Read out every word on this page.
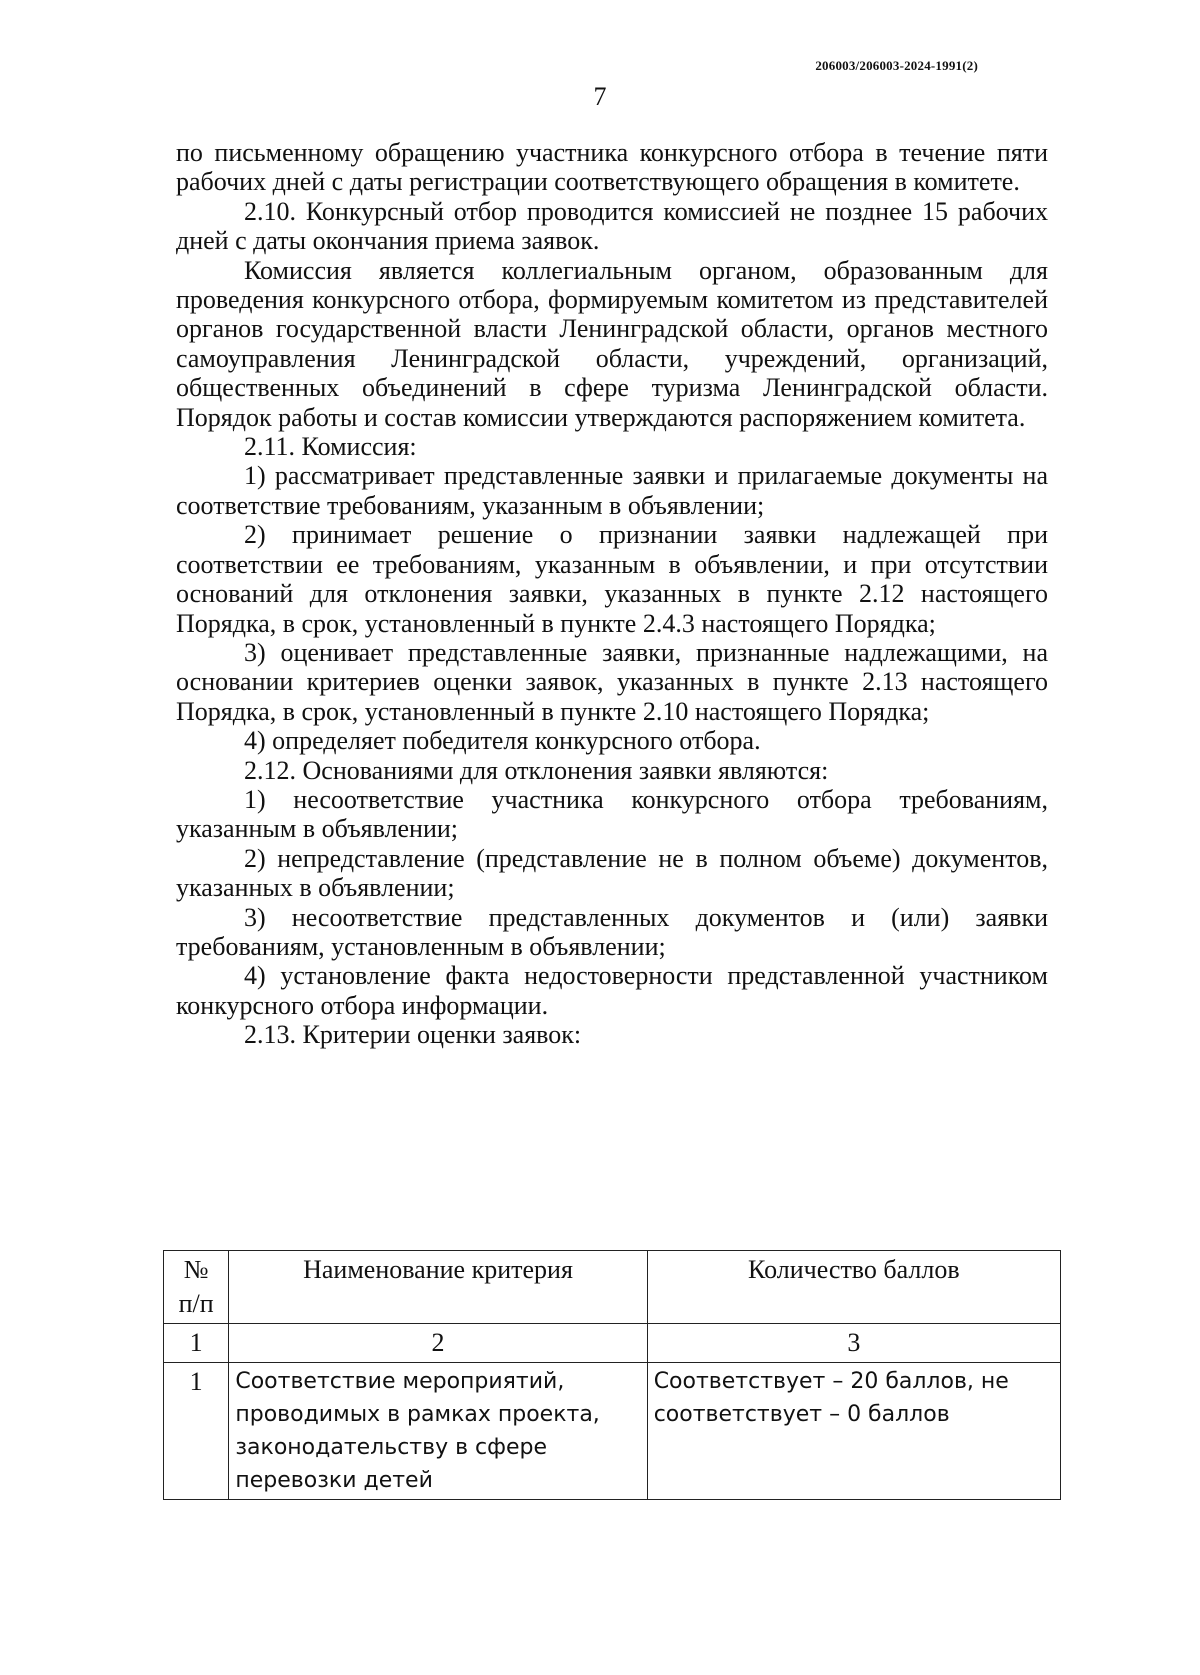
206003/206003-2024-1991(2)
7

по письменному обращению участника конкурсного отбора в течение пяти рабочих дней с даты регистрации соответствующего обращения в комитете.

2.10. Конкурсный отбор проводится комиссией не позднее 15 рабочих дней с даты окончания приема заявок.

Комиссия является коллегиальным органом, образованным для проведения конкурсного отбора, формируемым комитетом из представителей органов государственной власти Ленинградской области, органов местного самоуправления Ленинградской области, учреждений, организаций, общественных объединений в сфере туризма Ленинградской области. Порядок работы и состав комиссии утверждаются распоряжением комитета.

2.11. Комиссия:

1) рассматривает представленные заявки и прилагаемые документы на соответствие требованиям, указанным в объявлении;

2) принимает решение о признании заявки надлежащей при соответствии ее требованиям, указанным в объявлении, и при отсутствии оснований для отклонения заявки, указанных в пункте 2.12 настоящего Порядка, в срок, установленный в пункте 2.4.3 настоящего Порядка;

3) оценивает представленные заявки, признанные надлежащими, на основании критериев оценки заявок, указанных в пункте 2.13 настоящего Порядка, в срок, установленный в пункте 2.10 настоящего Порядка;

4) определяет победителя конкурсного отбора.

2.12. Основаниями для отклонения заявки являются:

1) несоответствие участника конкурсного отбора требованиям, указанным в объявлении;

2) непредставление (представление не в полном объеме) документов, указанных в объявлении;

3) несоответствие представленных документов и (или) заявки требованиям, установленным в объявлении;

4) установление факта недостоверности представленной участником конкурсного отбора информации.

2.13. Критерии оценки заявок:

№ п/п	Наименование критерия	Количество баллов
1	2	3
1	Соответствие мероприятий, проводимых в рамках проекта, законодательству в сфере перевозки детей	Соответствует – 20 баллов, не соответствует – 0 баллов
